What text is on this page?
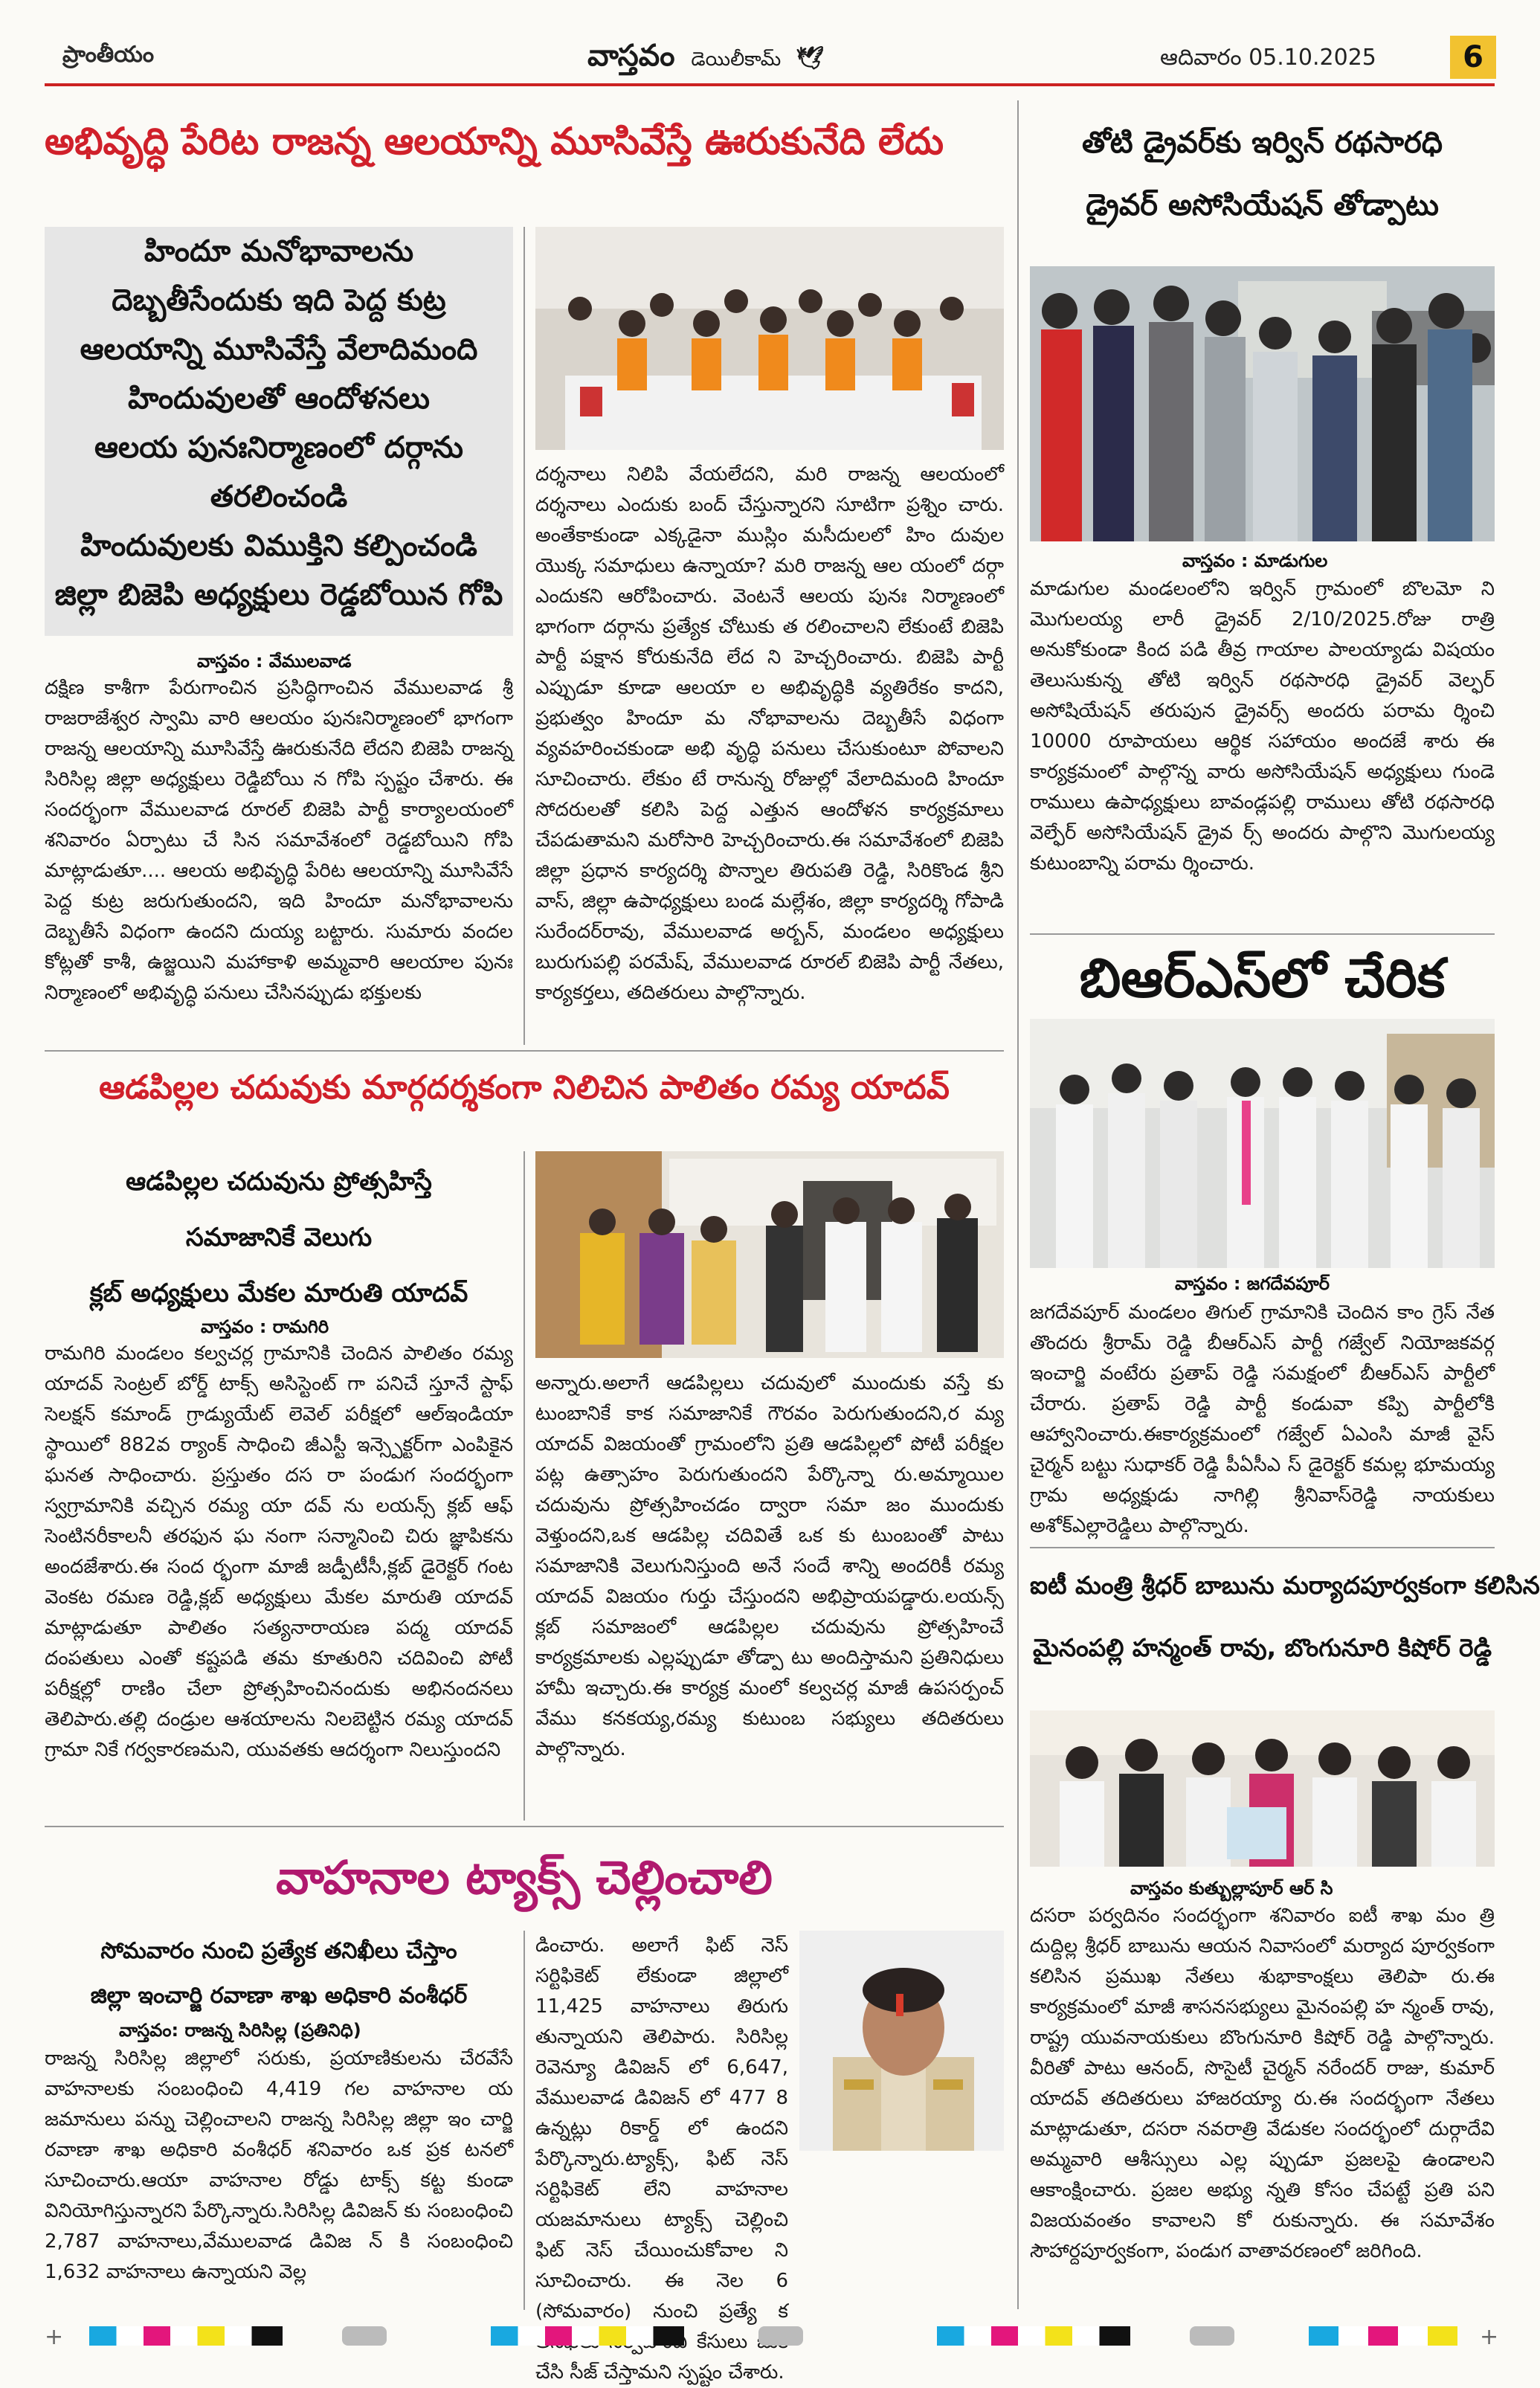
ప్రాంతీయం	వాస్తవం డెయిలీకామ్ 🕊	ఆదివారం 05.10.2025	6
అభివృద్ధి పేరిట రాజన్న ఆలయాన్ని మూసివేస్తే ఊరుకునేది లేదు

హిందూ మనోభావాలను

దెబ్బతీసేందుకు ఇది పెద్ద కుట్ర

ఆలయాన్ని మూసివేస్తే వేలాదిమంది

హిందువులతో ఆందోళనలు

ఆలయ పునఃనిర్మాణంలో దర్గాను

తరలించండి

హిందువులకు విముక్తిని కల్పించండి

జిల్లా బిజెపి అధ్యక్షులు రెడ్డబోయిన గోపి

వాస్తవం : వేములవాడ

దక్షిణ కాశీగా పేరుగాంచిన ప్రసిద్ధిగాంచిన వేములవాడ శ్రీ రాజరాజేశ్వర స్వామి వారి ఆలయం పునఃనిర్మాణంలో భాగంగా రాజన్న ఆలయాన్ని మూసివేస్తే ఊరుకునేది లేదని బిజెపి రాజన్న సిరిసిల్ల జిల్లా అధ్యక్షులు రెడ్డిబోయి న గోపి స్పష్టం చేశారు. ఈ సందర్భంగా వేములవాడ రూరల్ బిజెపి పార్టీ కార్యాలయంలో శనివారం ఏర్పాటు చే సిన సమావేశంలో రెడ్డబోయిని గోపి మాట్లాడుతూ.... ఆలయ అభివృద్ధి పేరిట ఆలయాన్ని మూసివేసే పెద్ద కుట్ర జరుగుతుందని, ఇది హిందూ మనోభావాలను దెబ్బతీసే విధంగా ఉందని దుయ్య బట్టారు. సుమారు వందల కోట్లతో కాశీ, ఉజ్జయిని మహాకాళి అమ్మవారి ఆలయాల పునః నిర్మాణంలో అభివృద్ధి పనులు చేసినప్పుడు భక్తులకు

దర్శనాలు నిలిపి వేయలేదని, మరి రాజన్న ఆలయంలో దర్శనాలు ఎందుకు బంద్ చేస్తున్నారని సూటిగా ప్రశ్నిం చారు. అంతేకాకుండా ఎక్కడైనా ముస్లిం మసీదులలో హిం దువుల యొక్క సమాధులు ఉన్నాయా? మరి రాజన్న ఆల యంలో దర్గా ఎందుకని ఆరోపించారు. వెంటనే ఆలయ పునః నిర్మాణంలో భాగంగా దర్గాను ప్రత్యేక చోటుకు త రలించాలని లేకుంటే బిజెపి పార్టీ పక్షాన కోరుకునేది లేద ని హెచ్చరించారు. బిజెపి పార్టీ ఎప్పుడూ కూడా ఆలయా ల అభివృద్ధికి వ్యతిరేకం కాదని, ప్రభుత్వం హిందూ మ నోభావాలను దెబ్బతీసే విధంగా వ్యవహరించకుండా అభి వృద్ధి పనులు చేసుకుంటూ పోవాలని సూచించారు. లేకుం టే రానున్న రోజుల్లో వేలాదిమంది హిందూ సోదరులతో కలిసి పెద్ద ఎత్తున ఆందోళన కార్యక్రమాలు చేపడుతామని మరోసారి హెచ్చరించారు.ఈ సమావేశంలో బిజెపి జిల్లా ప్రధాన కార్యదర్శి పొన్నాల తిరుపతి రెడ్డి, సిరికొండ శ్రీని వాస్, జిల్లా ఉపాధ్యక్షులు బండ మల్లేశం, జిల్లా కార్యదర్శి గోపాడి సురేందర్‌రావు, వేములవాడ అర్బన్, మండలం అధ్యక్షులు బురుగుపల్లి పరమేష్, వేములవాడ రూరల్ బిజెపి పార్టీ నేతలు, కార్యకర్తలు, తదితరులు పాల్గొన్నారు.

ఆడపిల్లల చదువుకు మార్గదర్శకంగా నిలిచిన పాలితం రమ్య యాదవ్

ఆడపిల్లల చదువును ప్రోత్సహిస్తే

సమాజానికే వెలుగు

క్లబ్ అధ్యక్షులు మేకల మారుతి యాదవ్

వాస్తవం : రామగిరి

రామగిరి మండలం కల్వచర్ల గ్రామానికి చెందిన పాలితం రమ్య యాదవ్ సెంట్రల్ బోర్డ్ టాక్స్ అసిస్టెంట్ గా పనిచే స్తూనే స్టాఫ్ సెలక్షన్ కమాండ్ గ్రాడ్యుయేట్ లెవెల్ పరీక్షలో ఆల్ఇండియా స్థాయిలో 882వ ర్యాంక్ సాధించి జీఎస్టీ ఇన్స్పెక్టర్‌గా ఎంపికైన ఘనత సాధించారు. ప్రస్తుతం దస రా పండుగ సందర్భంగా స్వగ్రామానికి వచ్చిన రమ్య యా దవ్ ను లయన్స్ క్లబ్ ఆఫ్ సెంటినరీకాలనీ తరఫున ఘ నంగా సన్మానించి చిరు జ్ఞాపికను అందజేశారు.ఈ సంద ర్భంగా మాజీ జడ్పీటీసీ,క్లబ్ డైరెక్టర్ గంట వెంకట రమణ రెడ్డి,క్లబ్ అధ్యక్షులు మేకల మారుతి యాదవ్ మాట్లాడుతూ పాలితం సత్యనారాయణ పద్మ యాదవ్ దంపతులు ఎంతో కష్టపడి తమ కూతురిని చదివించి పోటీ పరీక్షల్లో రాణిం చేలా ప్రోత్సహించినందుకు అభినందనలు తెలిపారు.తల్లి దండ్రుల ఆశయాలను నిలబెట్టిన రమ్య యాదవ్ గ్రామా నికే గర్వకారణమని, యువతకు ఆదర్శంగా నిలుస్తుందని

అన్నారు.అలాగే ఆడపిల్లలు చదువులో ముందుకు వస్తే కు టుంబానికే కాక సమాజానికే గౌరవం పెరుగుతుందని,ర మ్య యాదవ్ విజయంతో గ్రామంలోని ప్రతి ఆడపిల్లలో పోటీ పరీక్షల పట్ల ఉత్సాహం పెరుగుతుందని పేర్కొన్నా రు.అమ్మాయిల చదువును ప్రోత్సహించడం ద్వారా సమా జం ముందుకు వెళ్తుందని,ఒక ఆడపిల్ల చదివితే ఒక కు టుంబంతో పాటు సమాజానికి వెలుగునిస్తుంది అనే సందే శాన్ని అందరికీ రమ్య యాదవ్ విజయం గుర్తు చేస్తుందని అభిప్రాయపడ్డారు.లయన్స్ క్లబ్ సమాజంలో ఆడపిల్లల చదువును ప్రోత్సహించే కార్యక్రమాలకు ఎల్లప్పుడూ తోడ్పా టు అందిస్తామని ప్రతినిధులు హామీ ఇచ్చారు.ఈ కార్యక్ర మంలో కల్వచర్ల మాజీ ఉపసర్పంచ్ వేము కనకయ్య,రమ్య కుటుంబ సభ్యులు తదితరులు పాల్గొన్నారు.

వాహనాల ట్యాక్స్ చెల్లించాలి

సోమవారం నుంచి ప్రత్యేక తనిఖీలు చేస్తాం

జిల్లా ఇంచార్జి రవాణా శాఖ అధికారి వంశీధర్

వాస్తవం: రాజన్న సిరిసిల్ల (ప్రతినిధి)

రాజన్న సిరిసిల్ల జిల్లాలో సరుకు, ప్రయాణికులను చేరవేసే వాహనాలకు సంబంధించి 4,419 గల వాహనాల య జమానులు పన్ను చెల్లించాలని రాజన్న సిరిసిల్ల జిల్లా ఇం చార్జి రవాణా శాఖ అధికారి వంశీధర్ శనివారం ఒక ప్రక టనలో సూచించారు.ఆయా వాహనాల రోడ్డు టాక్స్ కట్ట కుండా వినియోగిస్తున్నారని పేర్కొన్నారు.సిరిసిల్ల డివిజన్ కు సంబంధించి 2,787 వాహనాలు,వేములవాడ డివిజ న్ కి సంబంధించి 1,632 వాహనాలు ఉన్నాయని వెల్ల

డించారు. అలాగే ఫిట్ నెస్ సర్టిఫికెట్ లేకుండా జిల్లాలో 11,425 వాహనాలు తిరుగు తున్నాయని తెలిపారు. సిరిసిల్ల రెవెన్యూ డివిజన్ లో 6,647, వేములవాడ డివిజన్ లో 477 8 ఉన్నట్లు రికార్డ్ లో ఉందని పేర్కొన్నారు.ట్యాక్స్, ఫిట్ నెస్ సర్టిఫికెట్ లేని వాహనాల యజమానులు ట్యాక్స్ చెల్లించి ఫిట్ నెస్ చేయించుకోవాల ని సూచించారు. ఈ నెల 6 (సోమవారం) నుంచి ప్రత్యే క కేసులు చేసి సీజ్ చేస్తామని స్పష్టం చేశారు.

తోటి డ్రైవర్‌కు ఇర్విన్ రథసారధి
డ్రైవర్ అసోసియేషన్ తోడ్పాటు
వాస్తవం : మాడుగుల

మాడుగుల మండలంలోని ఇర్విన్ గ్రామంలో బొలమో ని మొగులయ్య లారీ డ్రైవర్ 2/10/2025.రోజు రాత్రి అనుకోకుండా కింద పడి తీవ్ర గాయాల పాలయ్యాడు విషయం తెలుసుకున్న తోటి ఇర్విన్ రథసారధి డ్రైవర్ వెల్ఫర్ అసోషియేషన్ తరుపున డ్రైవర్స్ అందరు పరామ ర్శించి 10000 రూపాయలు ఆర్థిక సహాయం అందజే శారు ఈ కార్యక్రమంలో పాల్గొన్న వారు అసోసియేషన్ అధ్యక్షులు గుండె రాములు ఉపాధ్యక్షులు బావండ్లపల్లి రాములు తోటి రథసారధి వెల్ఫేర్ అసోసియేషన్ డ్రైవ ర్స్ అందరు పాల్గొని మొగులయ్య కుటుంబాన్ని పరామ ర్శించారు.

బిఆర్ఎస్‌లో చేరిక
వాస్తవం : జగదేవపూర్

జగదేవపూర్ మండలం తిగుల్ గ్రామానికి చెందిన కాం గ్రెస్ నేత తొందరు శ్రీరామ్ రెడ్డి బీఆర్ఎస్ పార్టీ గజ్వేల్ నియోజకవర్గ ఇంచార్జి వంటేరు ప్రతాప్ రెడ్డి సమక్షంలో బీఆర్ఎస్ పార్టీలో చేరారు. ప్రతాప్ రెడ్డి పార్టీ కండువా కప్పి పార్టీలోకి ఆహ్వానించారు.ఈకార్యక్రమంలో గజ్వేల్ ఏఎంసి మాజీ వైస్ చైర్మన్ బట్టు సుధాకర్ రెడ్డి పీఏసీఎ స్ డైరెక్టర్ కమల్ల భూమయ్య గ్రామ అధ్యక్షుడు నాగిల్లి శ్రీనివాస్‌రెడ్డి నాయకులు అశోక్‌ఎల్లారెడ్డిలు పాల్గొన్నారు.

ఐటీ మంత్రి శ్రీధర్ బాబును మర్యాదపూర్వకంగా కలిసిన
మైనంపల్లి హన్మంత్ రావు, బొంగునూరి కిషోర్ రెడ్డి
వాస్తవం కుత్బుల్లాపూర్ ఆర్ సి

దసరా పర్వదినం సందర్భంగా శనివారం ఐటీ శాఖ మం త్రి దుద్దిల్ల శ్రీధర్ బాబును ఆయన నివాసంలో మర్యాద పూర్వకంగా కలిసిన ప్రముఖ నేతలు శుభాకాంక్షలు తెలిపా రు.ఈ కార్యక్రమంలో మాజీ శాసనసభ్యులు మైనంపల్లి హ న్మంత్ రావు, రాష్ట్ర యువనాయకులు బొంగునూరి కిషోర్ రెడ్డి పాల్గొన్నారు. వీరితో పాటు ఆనంద్, సొసైటీ చైర్మన్ నరేందర్ రాజు, కుమార్ యాదవ్ తదితరులు హాజరయ్యా రు.ఈ సందర్భంగా నేతలు మాట్లాడుతూ, దసరా నవరాత్రి వేడుకల సందర్భంలో దుర్గాదేవి అమ్మవారి ఆశీస్సులు ఎల్ల ప్పుడూ ప్రజలపై ఉండాలని ఆకాంక్షించారు. ప్రజల అభ్యు న్నతి కోసం చేపట్టే ప్రతి పని విజయవంతం కావాలని కో రుకున్నారు. ఈ సమావేశం సౌహార్దపూర్వకంగా, పండుగ వాతావరణంలో జరిగింది.

+	+
